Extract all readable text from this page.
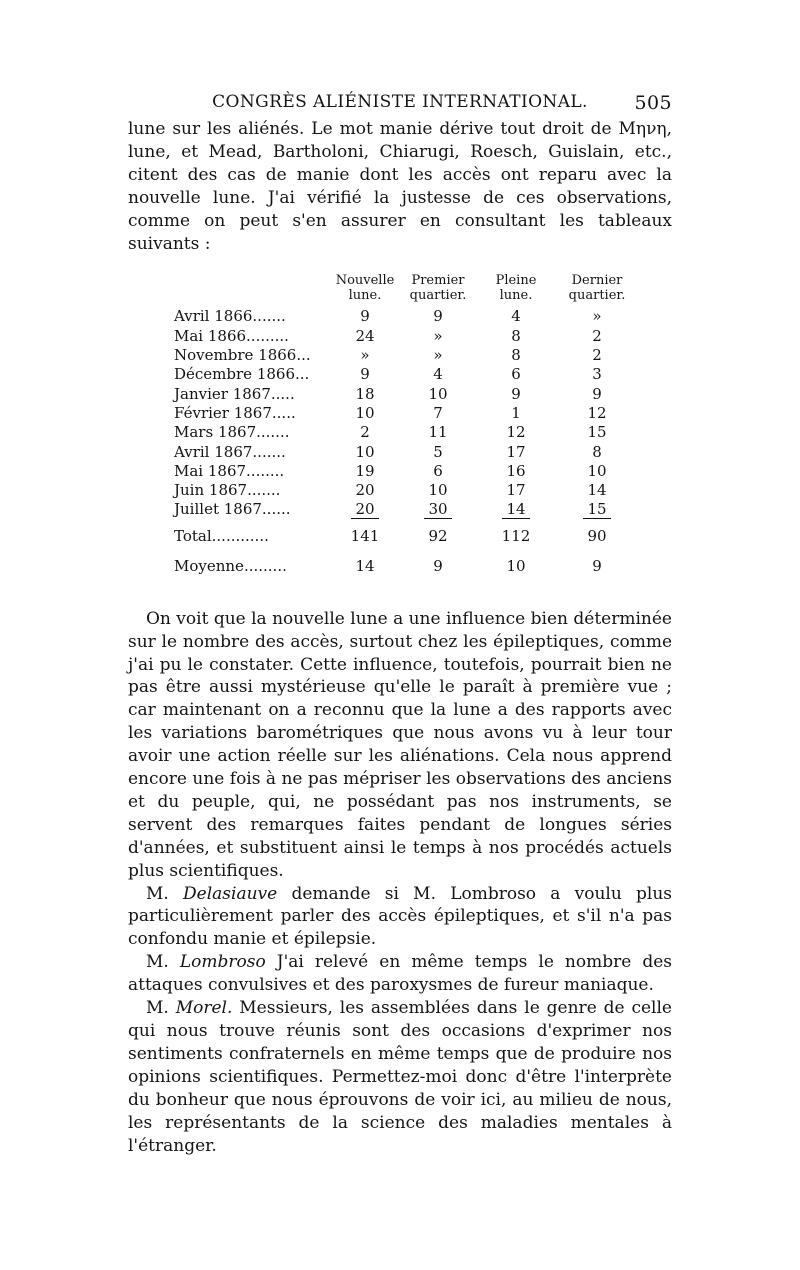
CONGRÈS ALIÉNISTE INTERNATIONAL. 505

lune sur les aliénés. Le mot manie dérive tout droit de Μηνη, lune, et Mead, Bartholoni, Chiarugi, Roesch, Guislain, etc., citent des cas de manie dont les accès ont reparu avec la nouvelle lune. J'ai vérifié la justesse de ces observations, comme on peut s'en assurer en consultant les tableaux suivants :

	Nouvelle lune.	Premier quartier.	Pleine lune.	Dernier quartier.
Avril 1866.......	9	9	4	»
Mai 1866.........	24	»	8	2
Novembre 1866...	»	»	8	2
Décembre 1866...	9	4	6	3
Janvier 1867.....	18	10	9	9
Février 1867.....	10	7	1	12
Mars 1867.......	2	11	12	15
Avril 1867.......	10	5	17	8
Mai 1867........	19	6	16	10
Juin 1867.......	20	10	17	14
Juillet 1867......	20	30	14	15
Total............	141	92	112	90
Moyenne.........	14	9	10	9

On voit que la nouvelle lune a une influence bien déterminée sur le nombre des accès, surtout chez les épileptiques, comme j'ai pu le constater. Cette influence, toutefois, pourrait bien ne pas être aussi mystérieuse qu'elle le paraît à première vue ; car maintenant on a reconnu que la lune a des rapports avec les variations barométriques que nous avons vu à leur tour avoir une action réelle sur les aliénations. Cela nous apprend encore une fois à ne pas mépriser les observations des anciens et du peuple, qui, ne possédant pas nos instruments, se servent des remarques faites pendant de longues séries d'années, et substituent ainsi le temps à nos procédés actuels plus scientifiques.

M. Delasiauve demande si M. Lombroso a voulu plus particulièrement parler des accès épileptiques, et s'il n'a pas confondu manie et épilepsie.

M. Lombroso J'ai relevé en même temps le nombre des attaques convulsives et des paroxysmes de fureur maniaque.

M. Morel. Messieurs, les assemblées dans le genre de celle qui nous trouve réunis sont des occasions d'exprimer nos sentiments confraternels en même temps que de produire nos opinions scientifiques. Permettez-moi donc d'être l'interprète du bonheur que nous éprouvons de voir ici, au milieu de nous, les représentants de la science des maladies mentales à l'étranger.
